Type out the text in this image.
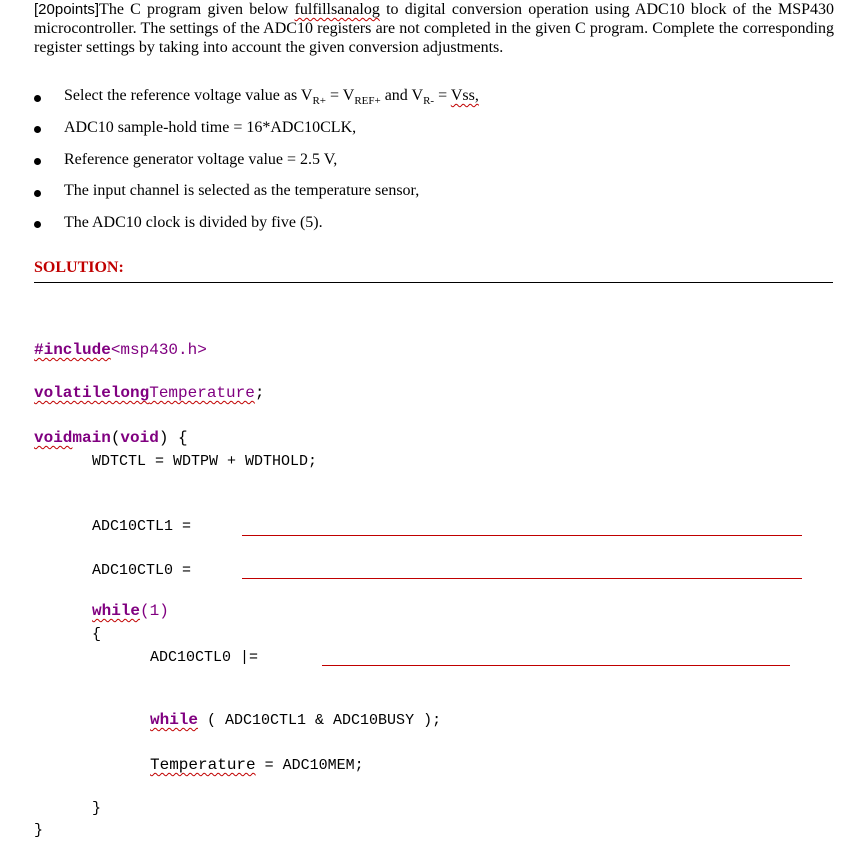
[20points]The C program given below fulfillsanalog to digital conversion operation using ADC10 block of the MSP430 microcontroller. The settings of the ADC10 registers are not completed in the given C program. Complete the corresponding register settings by taking into account the given conversion adjustments.
Select the reference voltage value as $V_{R+} = V_{REF+}$ and $V_{R-}$ = Vss,
ADC10 sample-hold time = 16*ADC10CLK,
Reference generator voltage value = 2.5 V,
The input channel is selected as the temperature sensor,
The ADC10 clock is divided by five (5).
SOLUTION:
#include<msp430.h>
volatilelongTemperature;
voidmain(void) {
WDTCTL = WDTPW + WDTHOLD;
ADC10CTL1 =
ADC10CTL0 =
while(1)
{
ADC10CTL0 |=
while ( ADC10CTL1 & ADC10BUSY );
Temperature = ADC10MEM;
}
}
